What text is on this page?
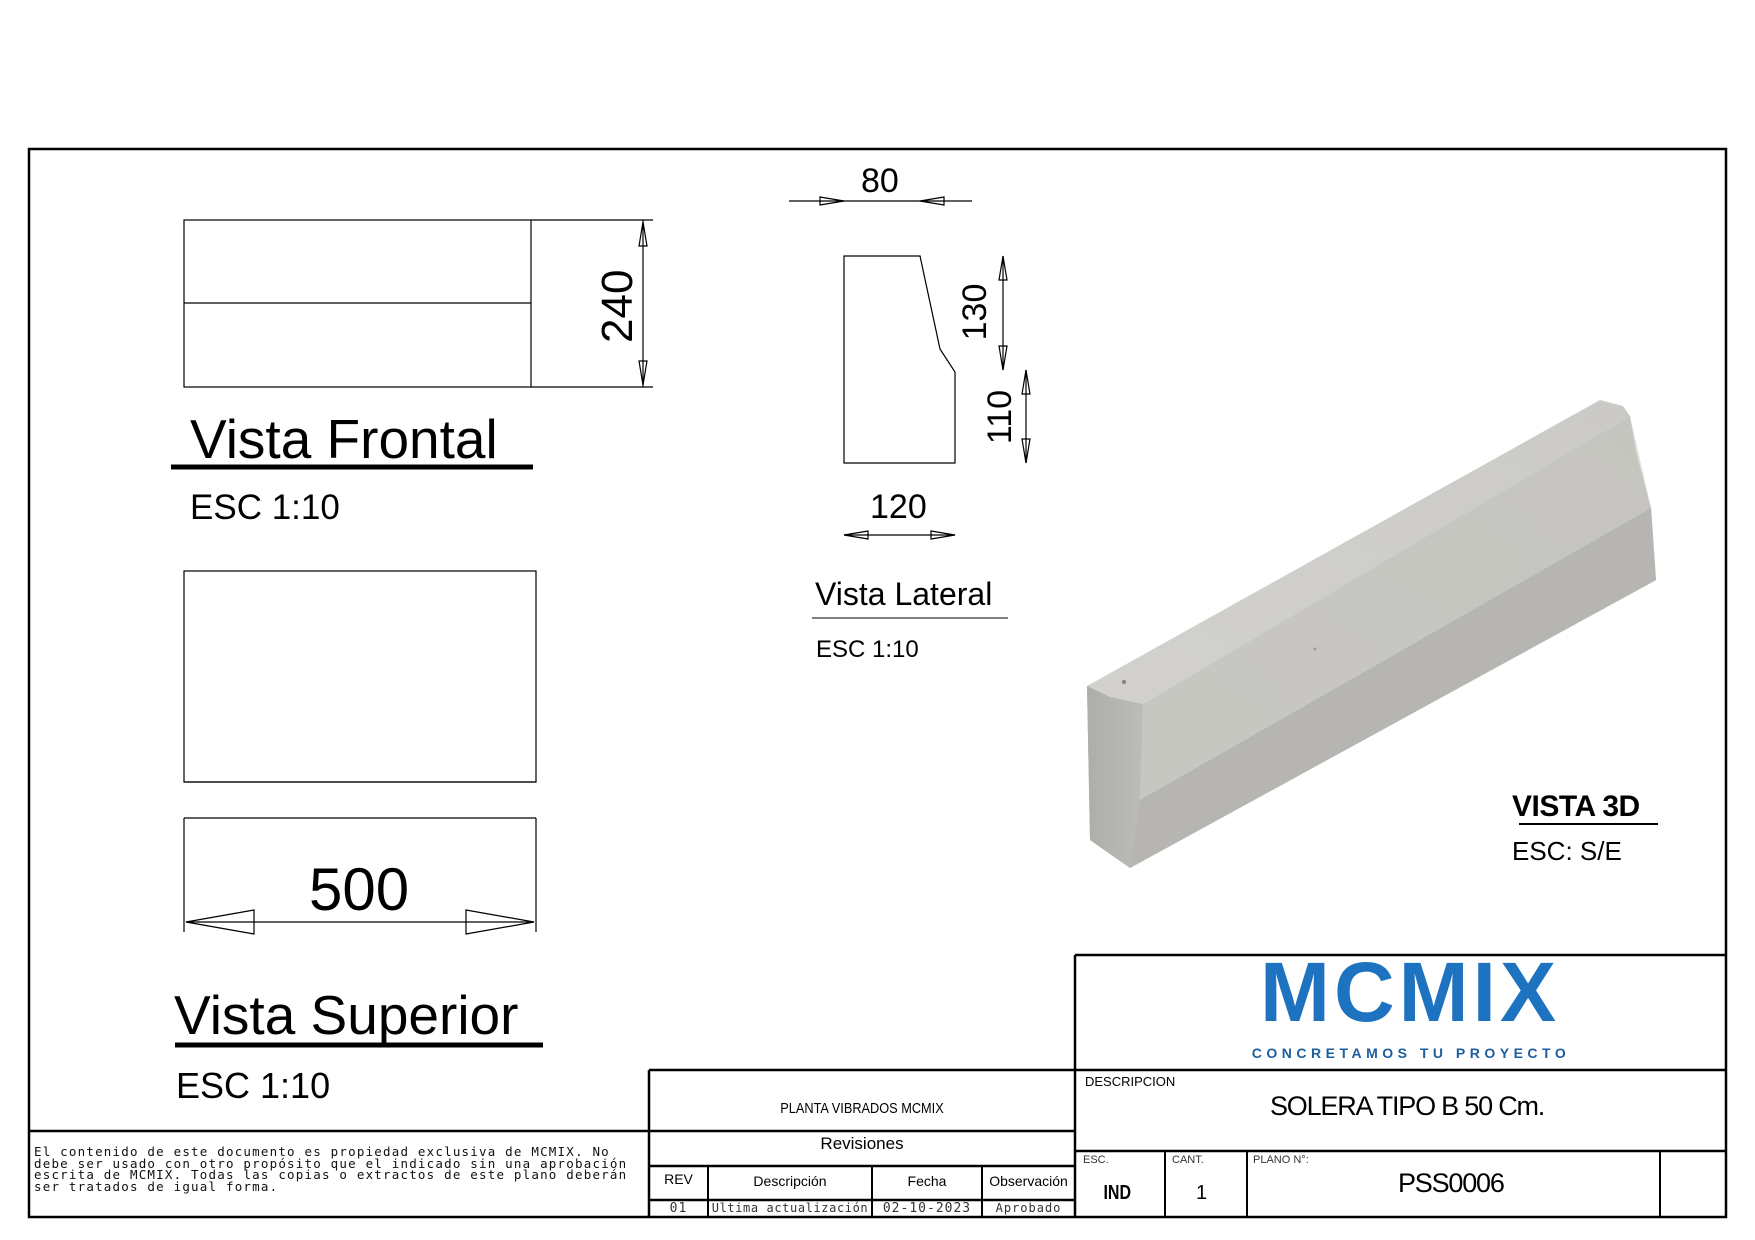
Vista Frontal
ESC 1:10
240
500
Vista Superior
ESC 1:10
80
120
130
110
Vista Lateral
ESC 1:10
VISTA 3D
ESC: S/E
El contenido de este documento es propiedad exclusiva de MCMIX. No debe ser usado con otro propósito que el indicado sin una aprobación escrita de MCMIX. Todas las copias o extractos de este plano deberán ser tratados de igual forma.
PLANTA VIBRADOS MCMIX
Revisiones
REV	Descripción	Fecha	Observación
01	Ultima actualización	02-10-2023	Aprobado
MCMIX
CONCRETAMOS TU PROYECTO
DESCRIPCION
SOLERA TIPO B 50 Cm.
ESC.
IND
CANT.
1
PLANO N°:
PSS0006
